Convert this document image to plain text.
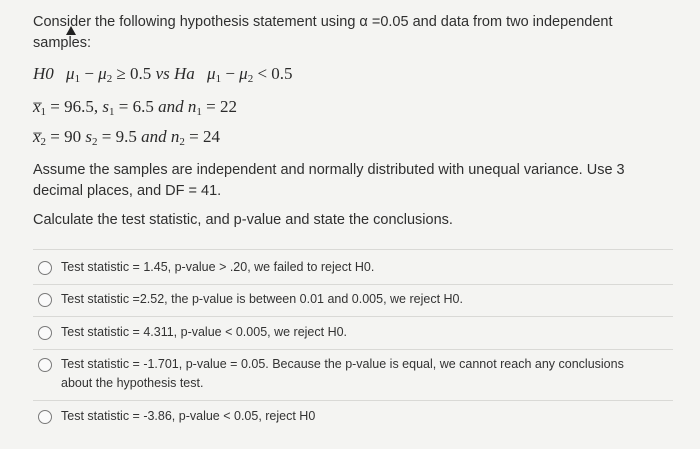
Consider the following hypothesis statement using α =0.05 and data from two independent samples:
H0 $\mu_1 - \mu_2 \ge 0.5$ vs Ha $\mu_1 - \mu_2 < 0.5$
$x̅_1 = 96.5$, $s_1 = 6.5$ and $n_1 = 22$
$x̅_2 = 90$ $s_2 = 9.5$ and $n_2 = 24$
Assume the samples are independent and normally distributed with unequal variance. Use 3 decimal places, and DF = 41.
Calculate the test statistic, and p-value and state the conclusions.
Test statistic = 1.45, p-value > .20, we failed to reject H0.
Test statistic =2.52, the p-value is between 0.01 and 0.005, we reject H0.
Test statistic = 4.311, p-value < 0.005, we reject H0.
Test statistic = -1.701, p-value = 0.05. Because the p-value is equal, we cannot reach any conclusions about the hypothesis test.
Test statistic = -3.86, p-value < 0.05, reject H0
